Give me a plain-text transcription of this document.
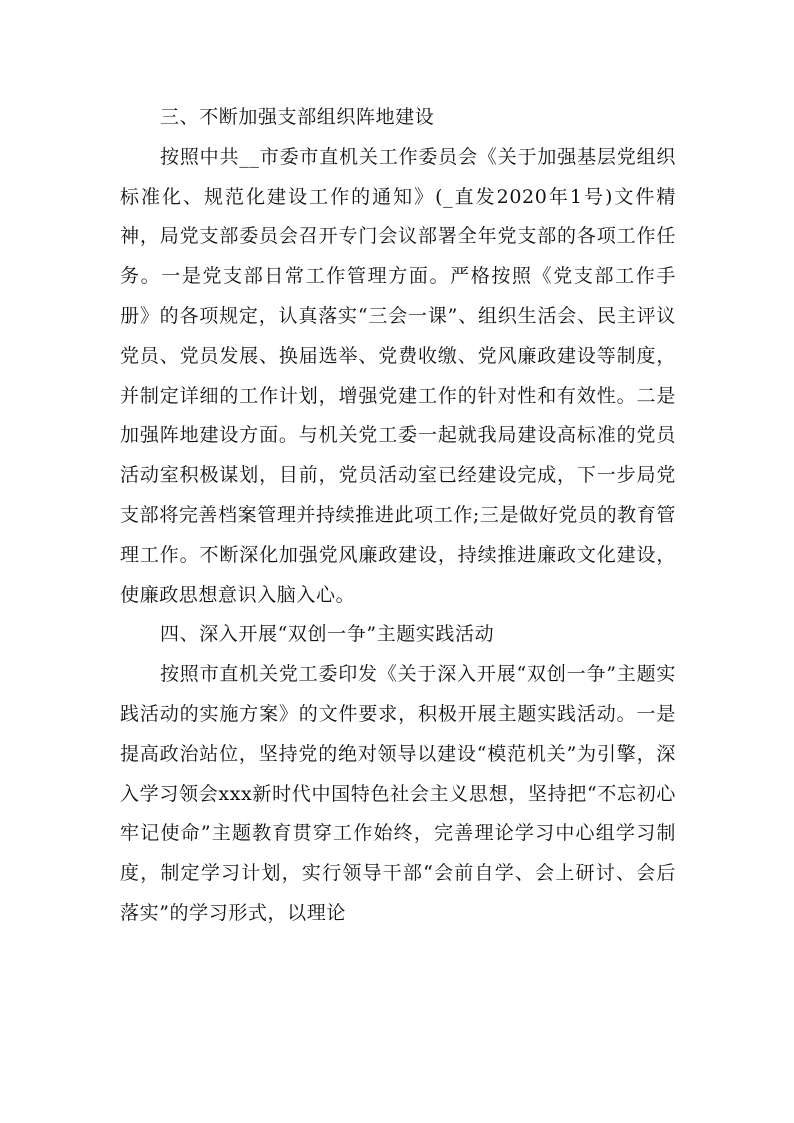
三、不断加强支部组织阵地建设

按照中共__市委市直机关工作委员会《关于加强基层党组织标准化、规范化建设工作的通知》(_直发2020年1号)文件精神，局党支部委员会召开专门会议部署全年党支部的各项工作任务。一是党支部日常工作管理方面。严格按照《党支部工作手册》的各项规定，认真落实“三会一课”、组织生活会、民主评议党员、党员发展、换届选举、党费收缴、党风廉政建设等制度，并制定详细的工作计划，增强党建工作的针对性和有效性。二是加强阵地建设方面。与机关党工委一起就我局建设高标准的党员活动室积极谋划，目前，党员活动室已经建设完成，下一步局党支部将完善档案管理并持续推进此项工作;三是做好党员的教育管理工作。不断深化加强党风廉政建设，持续推进廉政文化建设，使廉政思想意识入脑入心。

四、深入开展“双创一争”主题实践活动

按照市直机关党工委印发《关于深入开展“双创一争”主题实践活动的实施方案》的文件要求，积极开展主题实践活动。一是提高政治站位，坚持党的绝对领导以建设“模范机关”为引擎，深入学习领会xxx新时代中国特色社会主义思想，坚持把“不忘初心牢记使命”主题教育贯穿工作始终，完善理论学习中心组学习制度，制定学习计划，实行领导干部“会前自学、会上研讨、会后落实”的学习形式，以理论
